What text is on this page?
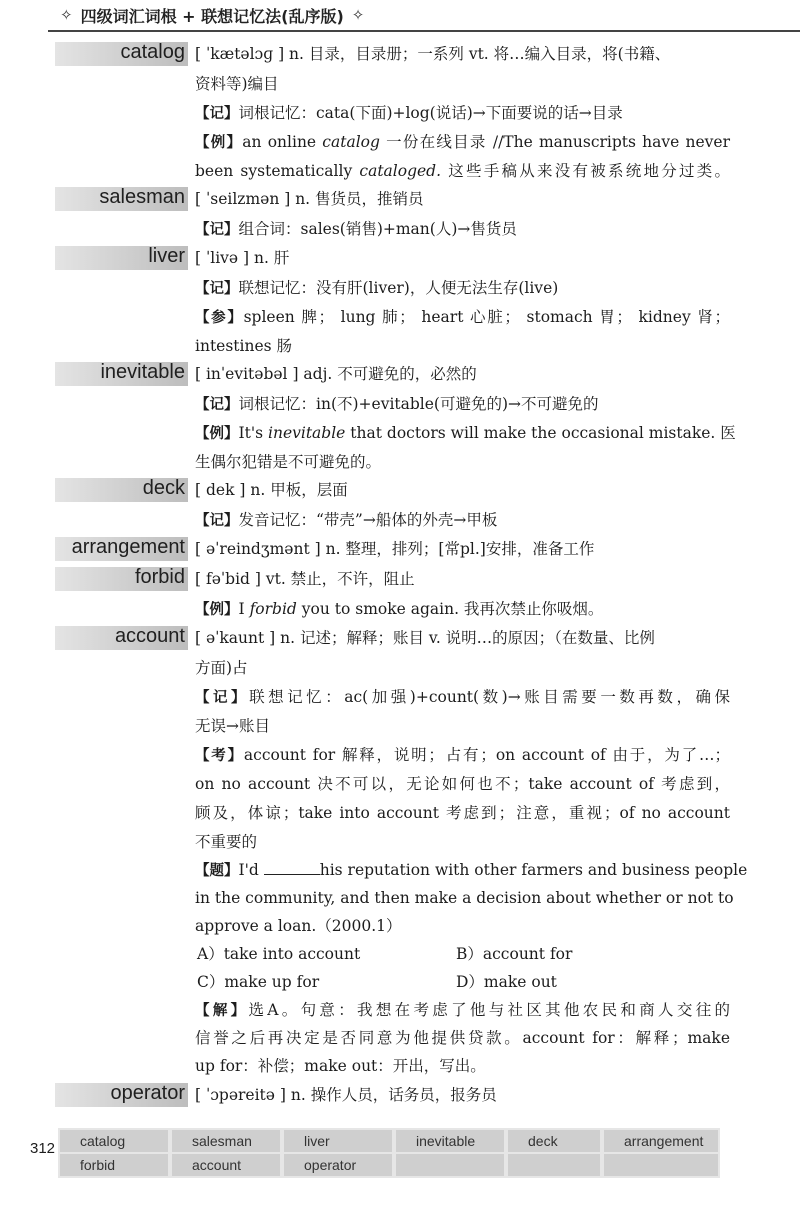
✧ 四级词汇词根 + 联想记忆法(乱序版) ✧
catalog [ ˈkætəlɔɡ ] n. 目录，目录册；一系列 vt. 将…编入目录，将(书籍、
资料等)编目
【记】词根记忆：cata(下面)+log(说话)→下面要说的话→目录
【例】an online catalog 一份在线目录 //The manuscripts have never
been systematically cataloged. 这些手稿从来没有被系统地分过类。
salesman [ ˈseilzmən ] n. 售货员，推销员
【记】组合词：sales(销售)+man(人)→售货员
liver [ ˈlivə ] n. 肝
【记】联想记忆：没有肝(liver)，人便无法生存(live)
【参】spleen 脾； lung 肺； heart 心脏； stomach 胃； kidney 肾；
intestines 肠
inevitable [ inˈevitəbəl ] adj. 不可避免的，必然的
【记】词根记忆：in(不)+evitable(可避免的)→不可避免的
【例】It's inevitable that doctors will make the occasional mistake. 医
生偶尔犯错是不可避免的。
deck [ dek ] n. 甲板，层面
【记】发音记忆：“带壳”→船体的外壳→甲板
arrangement [ əˈreindʒmənt ] n. 整理，排列；[常pl.]安排，准备工作
forbid [ fəˈbid ] vt. 禁止，不许，阻止
【例】I forbid you to smoke again. 我再次禁止你吸烟。
account [ əˈkaunt ] n. 记述；解释；账目 v. 说明…的原因；（在数量、比例
方面)占
【记】联想记忆：ac(加强)+count(数)→账目需要一数再数，确保
无误→账目
【考】account for 解释，说明；占有；on account of 由于，为了…；
on no account 决不可以，无论如何也不；take account of 考虑到，
顾及，体谅；take into account 考虑到；注意，重视；of no account
不重要的
【题】I'd	his reputation with other farmers and business people
in the community, and then make a decision about whether or not to
approve a loan.（2000.1）
A）take into account	B）account for
C）make up for	D）make out
【解】选A。句意：我想在考虑了他与社区其他农民和商人交往的
信誉之后再决定是否同意为他提供贷款。account for：解释；make
up for：补偿；make out：开出，写出。
operator [ ˈɔpəreitə ] n. 操作人员，话务员，报务员
312	catalog	salesman	liver	inevitable	deck	arrangement
forbid	account	operator
